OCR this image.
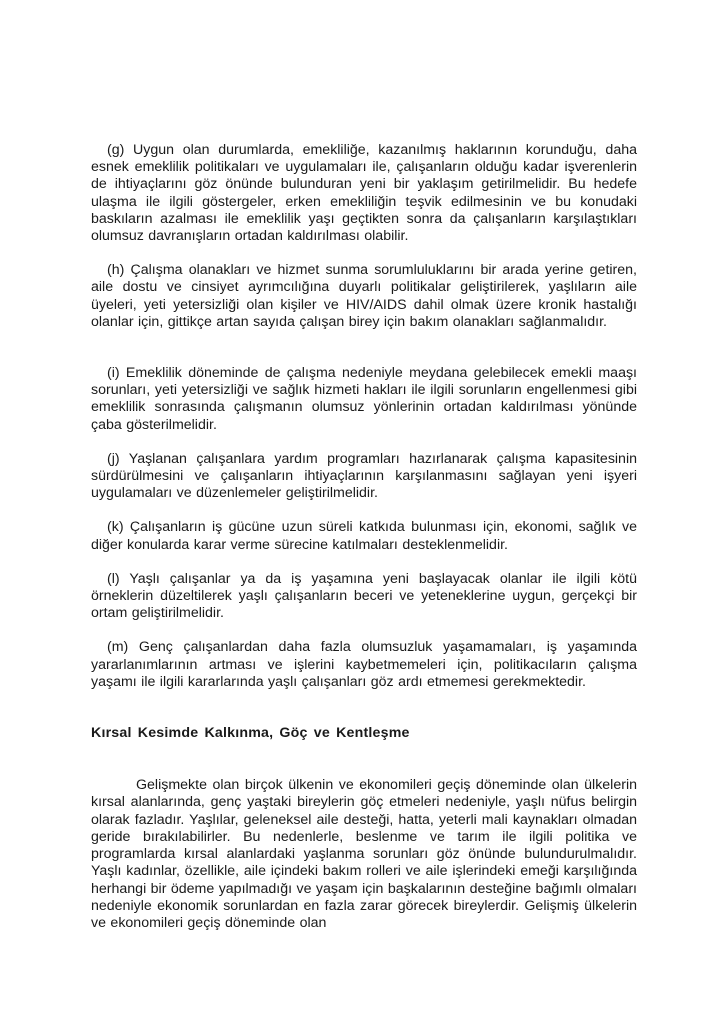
(g) Uygun olan durumlarda, emekliliğe, kazanılmış haklarının korunduğu, daha esnek emeklilik politikaları ve uygulamaları ile, çalışanların olduğu kadar işverenlerin de ihtiyaçlarını göz önünde bulunduran yeni bir yaklaşım getirilmelidir. Bu hedefe ulaşma ile ilgili göstergeler, erken emekliliğin teşvik edilmesinin ve bu konudaki baskıların azalması ile emeklilik yaşı geçtikten sonra da çalışanların karşılaştıkları olumsuz davranışların ortadan kaldırılması olabilir.

(h) Çalışma olanakları ve hizmet sunma sorumluluklarını bir arada yerine getiren, aile dostu ve cinsiyet ayrımcılığına duyarlı politikalar geliştirilerek, yaşlıların aile üyeleri, yeti yetersizliği olan kişiler ve HIV/AIDS dahil olmak üzere kronik hastalığı olanlar için, gittikçe artan sayıda çalışan birey için bakım olanakları sağlanmalıdır.

(i) Emeklilik döneminde de çalışma nedeniyle meydana gelebilecek emekli maaşı sorunları, yeti yetersizliği ve sağlık hizmeti hakları ile ilgili sorunların engellenmesi gibi emeklilik sonrasında çalışmanın olumsuz yönlerinin ortadan kaldırılması yönünde çaba gösterilmelidir.

(j) Yaşlanan çalışanlara yardım programları hazırlanarak çalışma kapasitesinin sürdürülmesini ve çalışanların ihtiyaçlarının karşılanmasını sağlayan yeni işyeri uygulamaları ve düzenlemeler geliştirilmelidir.

(k) Çalışanların iş gücüne uzun süreli katkıda bulunması için, ekonomi, sağlık ve diğer konularda karar verme sürecine katılmaları desteklenmelidir.

(l) Yaşlı çalışanlar ya da iş yaşamına yeni başlayacak olanlar ile ilgili kötü örneklerin düzeltilerek yaşlı çalışanların beceri ve yeteneklerine uygun, gerçekçi bir ortam geliştirilmelidir.

(m) Genç çalışanlardan daha fazla olumsuzluk yaşamamaları, iş yaşamında yararlanımlarının artması ve işlerini kaybetmemeleri için, politikacıların çalışma yaşamı ile ilgili kararlarında yaşlı çalışanları göz ardı etmemesi gerekmektedir.

Kırsal Kesimde Kalkınma, Göç ve Kentleşme

Gelişmekte olan birçok ülkenin ve ekonomileri geçiş döneminde olan ülkelerin kırsal alanlarında, genç yaştaki bireylerin göç etmeleri nedeniyle, yaşlı nüfus belirgin olarak fazladır. Yaşlılar, geleneksel aile desteği, hatta, yeterli mali kaynakları olmadan geride bırakılabilirler. Bu nedenlerle, beslenme ve tarım ile ilgili politika ve programlarda kırsal alanlardaki yaşlanma sorunları göz önünde bulundurulmalıdır. Yaşlı kadınlar, özellikle, aile içindeki bakım rolleri ve aile işlerindeki emeği karşılığında herhangi bir ödeme yapılmadığı ve yaşam için başkalarının desteğine bağımlı olmaları nedeniyle ekonomik sorunlardan en fazla zarar görecek bireylerdir. Gelişmiş ülkelerin ve ekonomileri geçiş döneminde olan
